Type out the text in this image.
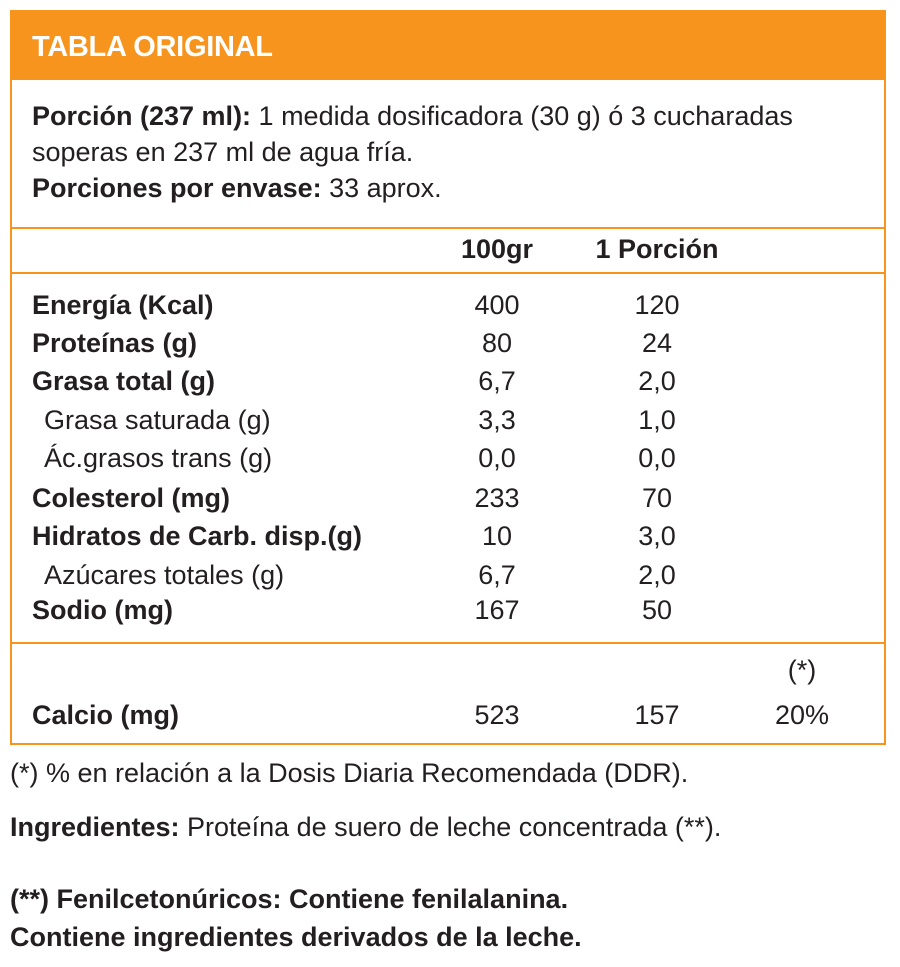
TABLA ORIGINAL
Porción (237 ml): 1 medida dosificadora (30 g) ó 3 cucharadas soperas en 237 ml de agua fría.
Porciones por envase: 33 aprox.
100gr	1 Porción
Energía (Kcal)	400	120
Proteínas (g)	80	24
Grasa total (g)	6,7	2,0
Grasa saturada (g)	3,3	1,0
Ác.grasos trans (g)	0,0	0,0
Colesterol (mg)	233	70
Hidratos de Carb. disp.(g)	10	3,0
Azúcares totales (g)	6,7	2,0
Sodio (mg)	167	50
(*)
Calcio (mg)	523	157	20%
(*) % en relación a la Dosis Diaria Recomendada (DDR).
Ingredientes: Proteína de suero de leche concentrada (**).
(**) Fenilcetonúricos: Contiene fenilalanina.
Contiene ingredientes derivados de la leche.
